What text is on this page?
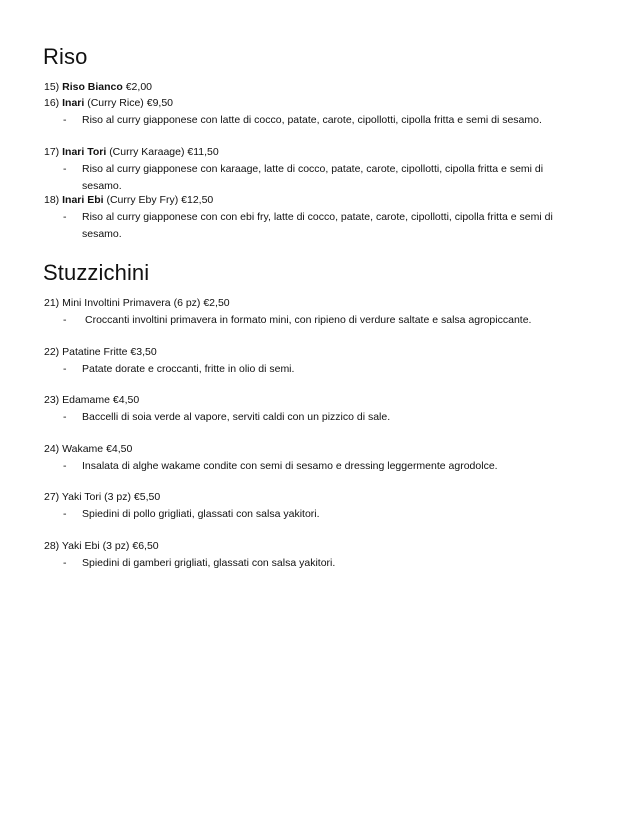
Riso
15) Riso Bianco €2,00
16) Inari (Curry Rice) €9,50
- Riso al curry giapponese con latte di cocco, patate, carote, cipollotti, cipolla fritta e semi di sesamo.
17) Inari Tori (Curry Karaage) €11,50
- Riso al curry giapponese con karaage, latte di cocco, patate, carote, cipollotti, cipolla fritta e semi di sesamo.
18) Inari Ebi (Curry Eby Fry) €12,50
- Riso al curry giapponese con con ebi fry, latte di cocco, patate, carote, cipollotti, cipolla fritta e semi di sesamo.
Stuzzichini
21) Mini Involtini Primavera (6 pz) €2,50
- Croccanti involtini primavera in formato mini, con ripieno di verdure saltate e salsa agropiccante.
22) Patatine Fritte €3,50
- Patate dorate e croccanti, fritte in olio di semi.
23) Edamame €4,50
- Baccelli di soia verde al vapore, serviti caldi con un pizzico di sale.
24) Wakame €4,50
- Insalata di alghe wakame condite con semi di sesamo e dressing leggermente agrodolce.
27) Yaki Tori (3 pz) €5,50
- Spiedini di pollo grigliati, glassati con salsa yakitori.
28) Yaki Ebi (3 pz) €6,50
- Spiedini di gamberi grigliati, glassati con salsa yakitori.
